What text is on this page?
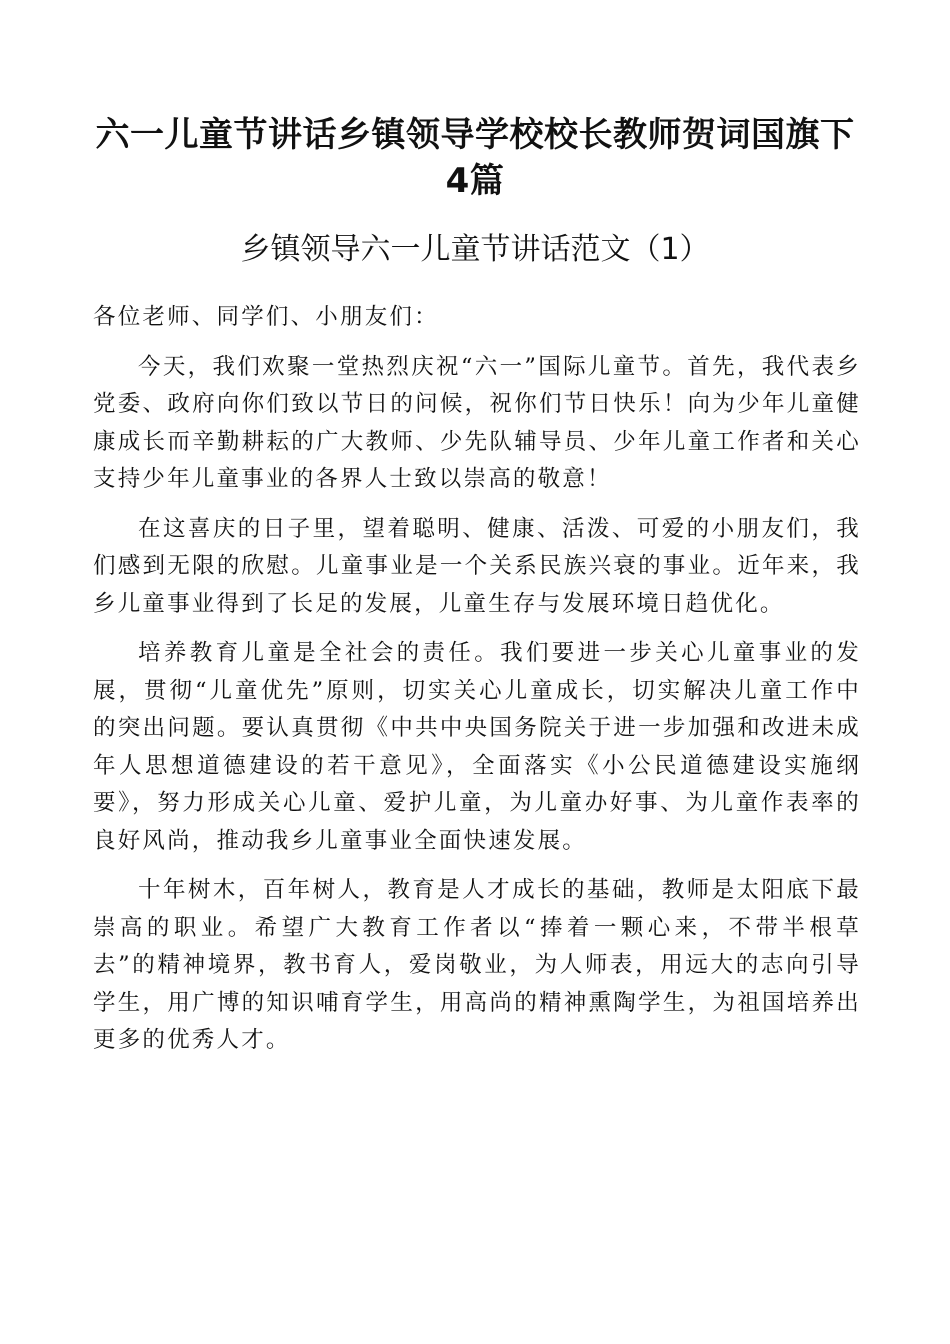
六一儿童节讲话乡镇领导学校校长教师贺词国旗下4篇
乡镇领导六一儿童节讲话范文（1）

各位老师、同学们、小朋友们：

今天，我们欢聚一堂热烈庆祝“六一”国际儿童节。首先，我代表乡党委、政府向你们致以节日的问候，祝你们节日快乐！向为少年儿童健康成长而辛勤耕耘的广大教师、少先队辅导员、少年儿童工作者和关心支持少年儿童事业的各界人士致以崇高的敬意！

在这喜庆的日子里，望着聪明、健康、活泼、可爱的小朋友们，我们感到无限的欣慰。儿童事业是一个关系民族兴衰的事业。近年来，我乡儿童事业得到了长足的发展，儿童生存与发展环境日趋优化。

培养教育儿童是全社会的责任。我们要进一步关心儿童事业的发展，贯彻“儿童优先”原则，切实关心儿童成长，切实解决儿童工作中的突出问题。要认真贯彻《中共中央国务院关于进一步加强和改进未成年人思想道德建设的若干意见》，全面落实《小公民道德建设实施纲要》，努力形成关心儿童、爱护儿童，为儿童办好事、为儿童作表率的良好风尚，推动我乡儿童事业全面快速发展。

十年树木，百年树人，教育是人才成长的基础，教师是太阳底下最崇高的职业。希望广大教育工作者以“捧着一颗心来，不带半根草去”的精神境界，教书育人，爱岗敬业，为人师表，用远大的志向引导学生，用广博的知识哺育学生，用高尚的精神熏陶学生，为祖国培养出更多的优秀人才。
